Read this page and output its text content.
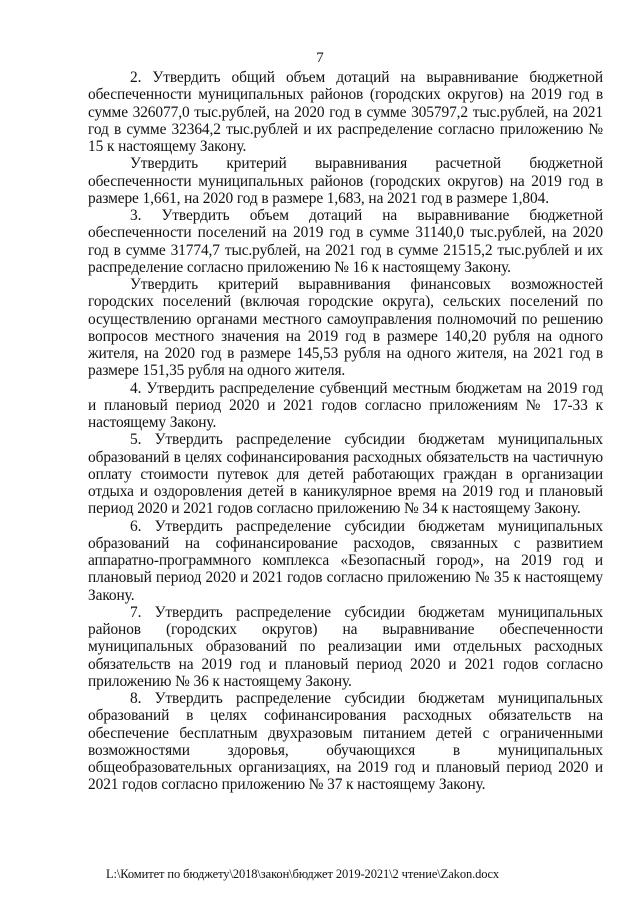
7

2. Утвердить общий объем дотаций на выравнивание бюджетной обеспеченности муниципальных районов (городских округов) на 2019 год в сумме 326077,0 тыс.рублей, на 2020 год в сумме 305797,2 тыс.рублей, на 2021 год в сумме 32364,2 тыс.рублей и их распределение согласно приложению № 15 к настоящему Закону.

Утвердить критерий выравнивания расчетной бюджетной обеспеченности муниципальных районов (городских округов) на 2019 год в размере 1,661, на 2020 год в размере 1,683, на 2021 год в размере 1,804.

3. Утвердить объем дотаций на выравнивание бюджетной обеспеченности поселений на 2019 год в сумме 31140,0 тыс.рублей, на 2020 год в сумме 31774,7 тыс.рублей, на 2021 год в сумме 21515,2 тыс.рублей и их распределение согласно приложению № 16 к настоящему Закону.

Утвердить критерий выравнивания финансовых возможностей городских поселений (включая городские округа), сельских поселений по осуществлению органами местного самоуправления полномочий по решению вопросов местного значения на 2019 год в размере 140,20 рубля на одного жителя, на 2020 год в размере 145,53 рубля на одного жителя, на 2021 год в размере 151,35 рубля на одного жителя.

4. Утвердить распределение субвенций местным бюджетам на 2019 год и плановый период 2020 и 2021 годов согласно приложениям № 17-33 к настоящему Закону.

5. Утвердить распределение субсидии бюджетам муниципальных образований в целях софинансирования расходных обязательств на частичную оплату стоимости путевок для детей работающих граждан в организации отдыха и оздоровления детей в каникулярное время на 2019 год и плановый период 2020 и 2021 годов согласно приложению № 34 к настоящему Закону.

6. Утвердить распределение субсидии бюджетам муниципальных образований на софинансирование расходов, связанных с развитием аппаратно-программного комплекса «Безопасный город», на 2019 год и плановый период 2020 и 2021 годов согласно приложению № 35 к настоящему Закону.

7. Утвердить распределение субсидии бюджетам муниципальных районов (городских округов) на выравнивание обеспеченности муниципальных образований по реализации ими отдельных расходных обязательств на 2019 год и плановый период 2020 и 2021 годов согласно приложению № 36 к настоящему Закону.

8. Утвердить распределение субсидии бюджетам муниципальных образований в целях софинансирования расходных обязательств на обеспечение бесплатным двухразовым питанием детей с ограниченными возможностями здоровья, обучающихся в муниципальных общеобразовательных организациях, на 2019 год и плановый период 2020 и 2021 годов согласно приложению № 37 к настоящему Закону.

L:\Комитет по бюджету\2018\закон\бюджет 2019-2021\2 чтение\Zakon.docx
